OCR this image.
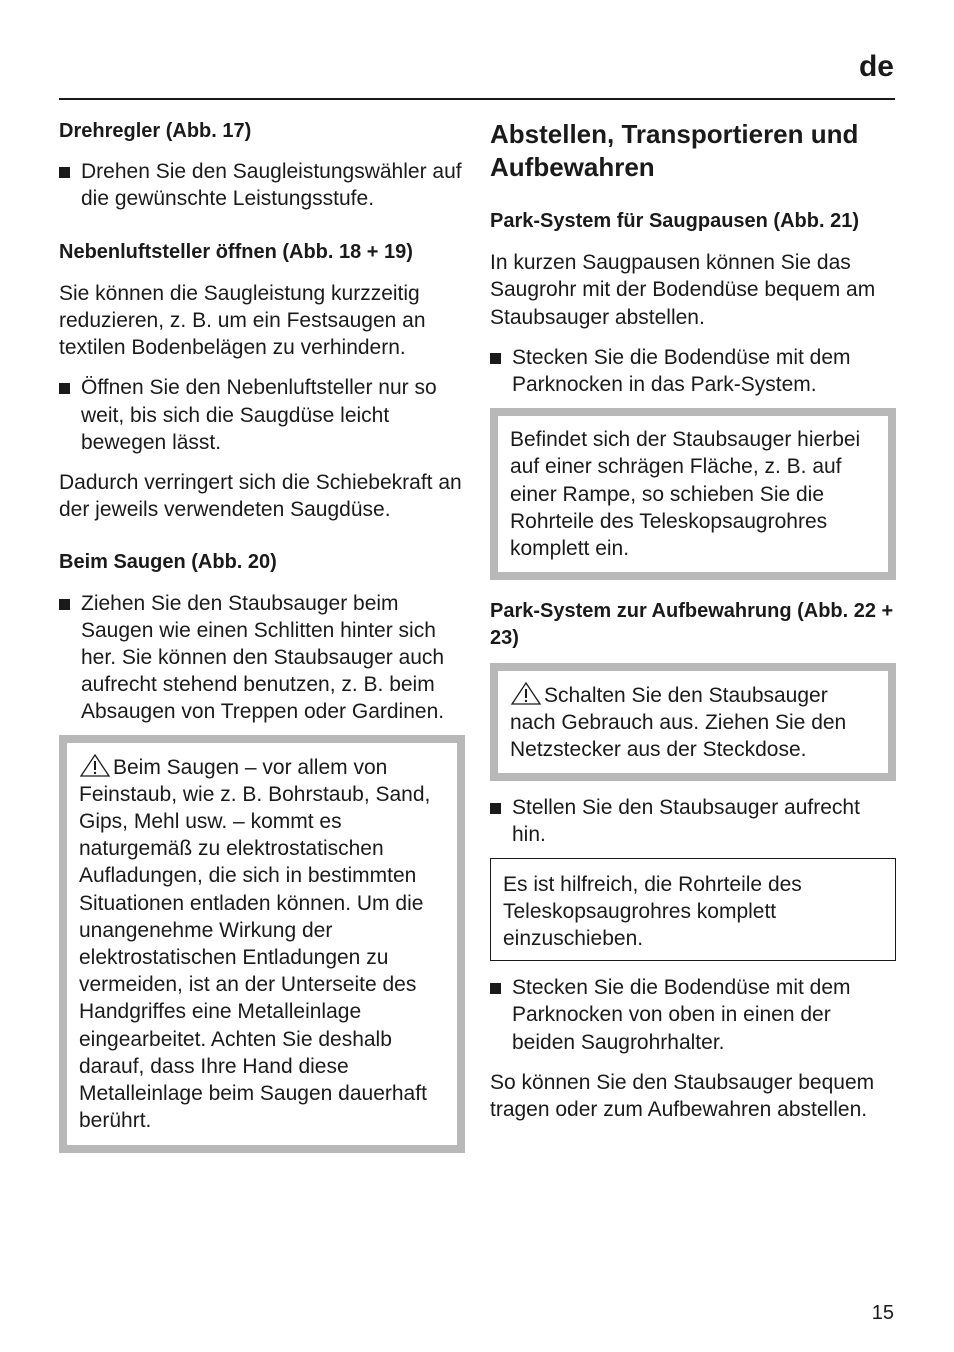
de
Drehregler (Abb. 17)

Drehen Sie den Saugleistungswähler auf die gewünschte Leistungsstufe.

Nebenluftsteller öffnen (Abb. 18 + 19)

Sie können die Saugleistung kurzzeitig reduzieren, z. B. um ein Festsaugen an textilen Bodenbelägen zu verhindern.

Öffnen Sie den Nebenluftsteller nur so weit, bis sich die Saugdüse leicht bewegen lässt.

Dadurch verringert sich die Schiebekraft an der jeweils verwendeten Saugdüse.

Beim Saugen (Abb. 20)

Ziehen Sie den Staubsauger beim Saugen wie einen Schlitten hinter sich her. Sie können den Staubsauger auch aufrecht stehend benutzen, z. B. beim Absaugen von Treppen oder Gardinen.

Beim Saugen – vor allem von Feinstaub, wie z. B. Bohrstaub, Sand, Gips, Mehl usw. – kommt es naturgemäß zu elektrostatischen Aufladungen, die sich in bestimmten Situationen entladen können. Um die unangenehme Wirkung der elektrostatischen Entladungen zu vermeiden, ist an der Unterseite des Handgriffes eine Metalleinlage eingearbeitet. Achten Sie deshalb darauf, dass Ihre Hand diese Metalleinlage beim Saugen dauerhaft berührt.

Abstellen, Transportieren und Aufbewahren
Park-System für Saugpausen (Abb. 21)

In kurzen Saugpausen können Sie das Saugrohr mit der Bodendüse bequem am Staubsauger abstellen.

Stecken Sie die Bodendüse mit dem Parknocken in das Park-System.

Befindet sich der Staubsauger hierbei auf einer schrägen Fläche, z. B. auf einer Rampe, so schieben Sie die Rohrteile des Teleskopsaugrohres komplett ein.

Park-System zur Aufbewahrung (Abb. 22 + 23)

Schalten Sie den Staubsauger nach Gebrauch aus. Ziehen Sie den Netzstecker aus der Steckdose.

Stellen Sie den Staubsauger aufrecht hin.

Es ist hilfreich, die Rohrteile des Teleskopsaugrohres komplett einzuschieben.

Stecken Sie die Bodendüse mit dem Parknocken von oben in einen der beiden Saugrohrhalter.

So können Sie den Staubsauger bequem tragen oder zum Aufbewahren abstellen.

15
